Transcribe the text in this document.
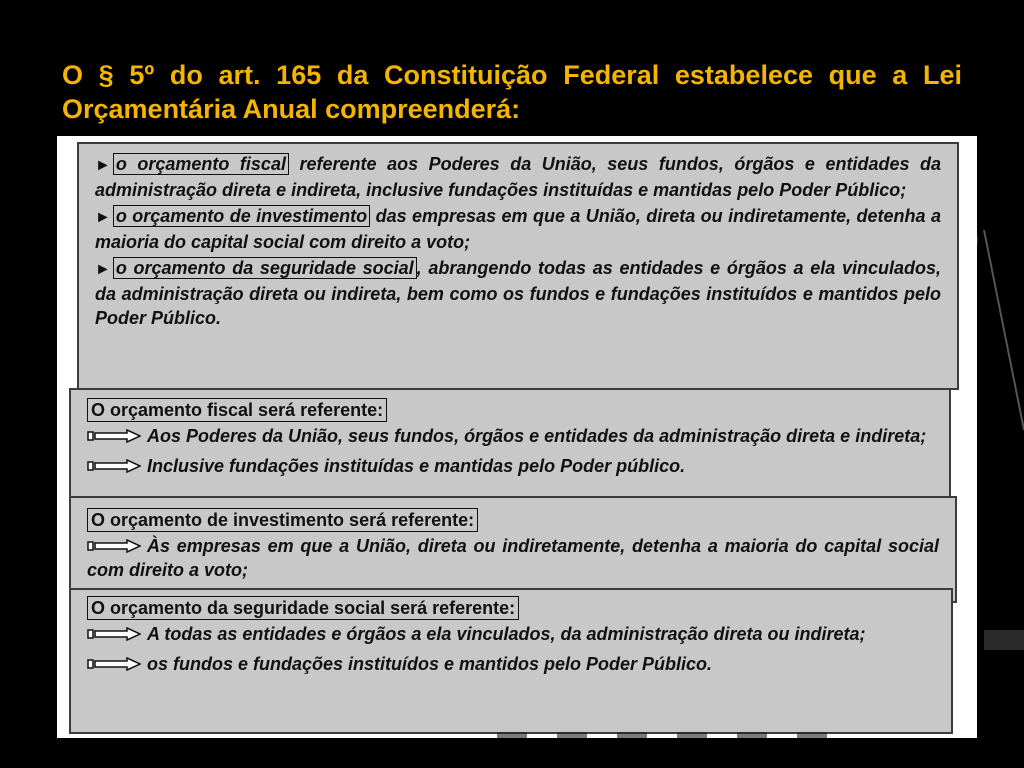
O § 5º do art. 165 da Constituição Federal estabelece que a Lei Orçamentária Anual compreenderá:

► o orçamento fiscal referente aos Poderes da União, seus fundos, órgãos e entidades da administração direta e indireta, inclusive fundações instituídas e mantidas pelo Poder Público;

► o orçamento de investimento das empresas em que a União, direta ou indiretamente, detenha a maioria do capital social com direito a voto;

► o orçamento da seguridade social , abrangendo todas as entidades e órgãos a ela vinculados, da administração direta ou indireta, bem como os fundos e fundações instituídos e mantidos pelo Poder Público.

O orçamento fiscal será referente:

Aos Poderes da União, seus fundos, órgãos e entidades da administração direta e indireta;

Inclusive fundações instituídas e mantidas pelo Poder público.

O orçamento de investimento será referente:

Às empresas em que a União, direta ou indiretamente, detenha a maioria do capital social com direito a voto;

O orçamento da seguridade social será referente:

A todas as entidades e órgãos a ela vinculados, da administração direta ou indireta;

os fundos e fundações instituídos e mantidos pelo Poder Público.
